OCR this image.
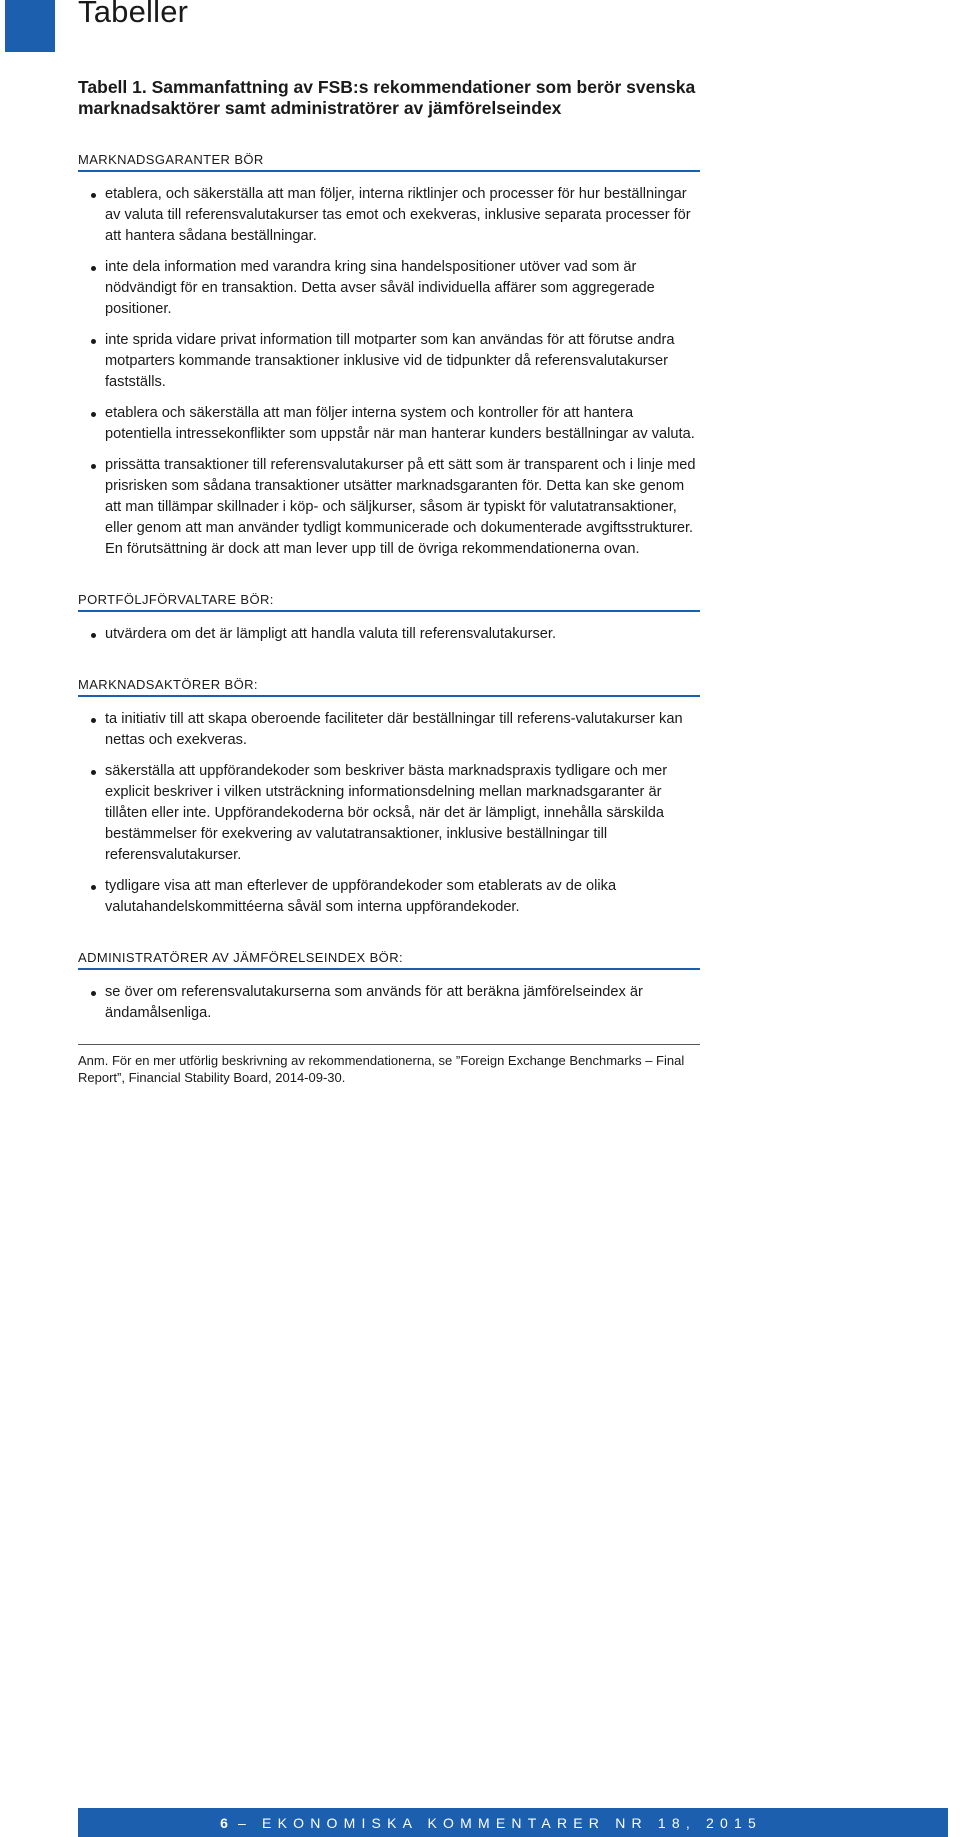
Tabeller
Tabell 1. Sammanfattning av FSB:s rekommendationer som berör svenska marknadsaktörer samt administratörer av jämförelseindex
MARKNADSGARANTER BÖR
etablera, och säkerställa att man följer, interna riktlinjer och processer för hur beställningar av valuta till referensvalutakurser tas emot och exekveras, inklusive separata processer för att hantera sådana beställningar.
inte dela information med varandra kring sina handelspositioner utöver vad som är nödvändigt för en transaktion. Detta avser såväl individuella affärer som aggregerade positioner.
inte sprida vidare privat information till motparter som kan användas för att förutse andra motparters kommande transaktioner inklusive vid de tidpunkter då referensvalutakurser fastställs.
etablera och säkerställa att man följer interna system och kontroller för att hantera potentiella intressekonflikter som uppstår när man hanterar kunders beställningar av valuta.
prissätta transaktioner till referensvalutakurser på ett sätt som är transparent och i linje med prisrisken som sådana transaktioner utsätter marknadsgaranten för. Detta kan ske genom att man tillämpar skillnader i köp- och säljkurser, såsom är typiskt för valutatransaktioner, eller genom att man använder tydligt kommunicerade och dokumenterade avgiftsstrukturer. En förutsättning är dock att man lever upp till de övriga rekommendationerna ovan.
PORTFÖLJFÖRVALTARE BÖR:
utvärdera om det är lämpligt att handla valuta till referensvalutakurser.
MARKNADSAKTÖRER BÖR:
ta initiativ till att skapa oberoende faciliteter där beställningar till referens-valutakurser kan nettas och exekveras.
säkerställa att uppförandekoder som beskriver bästa marknadspraxis tydligare och mer explicit beskriver i vilken utsträckning informationsdelning mellan marknadsgaranter är tillåten eller inte. Uppförandekoderna bör också, när det är lämpligt, innehålla särskilda bestämmelser för exekvering av valutatransaktioner, inklusive beställningar till referensvalutakurser.
tydligare visa att man efterlever de uppförandekoder som etablerats av de olika valutahandelskommittéerna såväl som interna uppförandekoder.
ADMINISTRATÖRER AV JÄMFÖRELSEINDEX BÖR:
se över om referensvalutakurserna som används för att beräkna jämförelseindex är ändamålsenliga.

Anm. För en mer utförlig beskrivning av rekommendationerna, se ”Foreign Exchange Benchmarks – Final Report”, Financial Stability Board, 2014-09-30.

6 – EKONOMISKA KOMMENTARER NR 18, 2015
